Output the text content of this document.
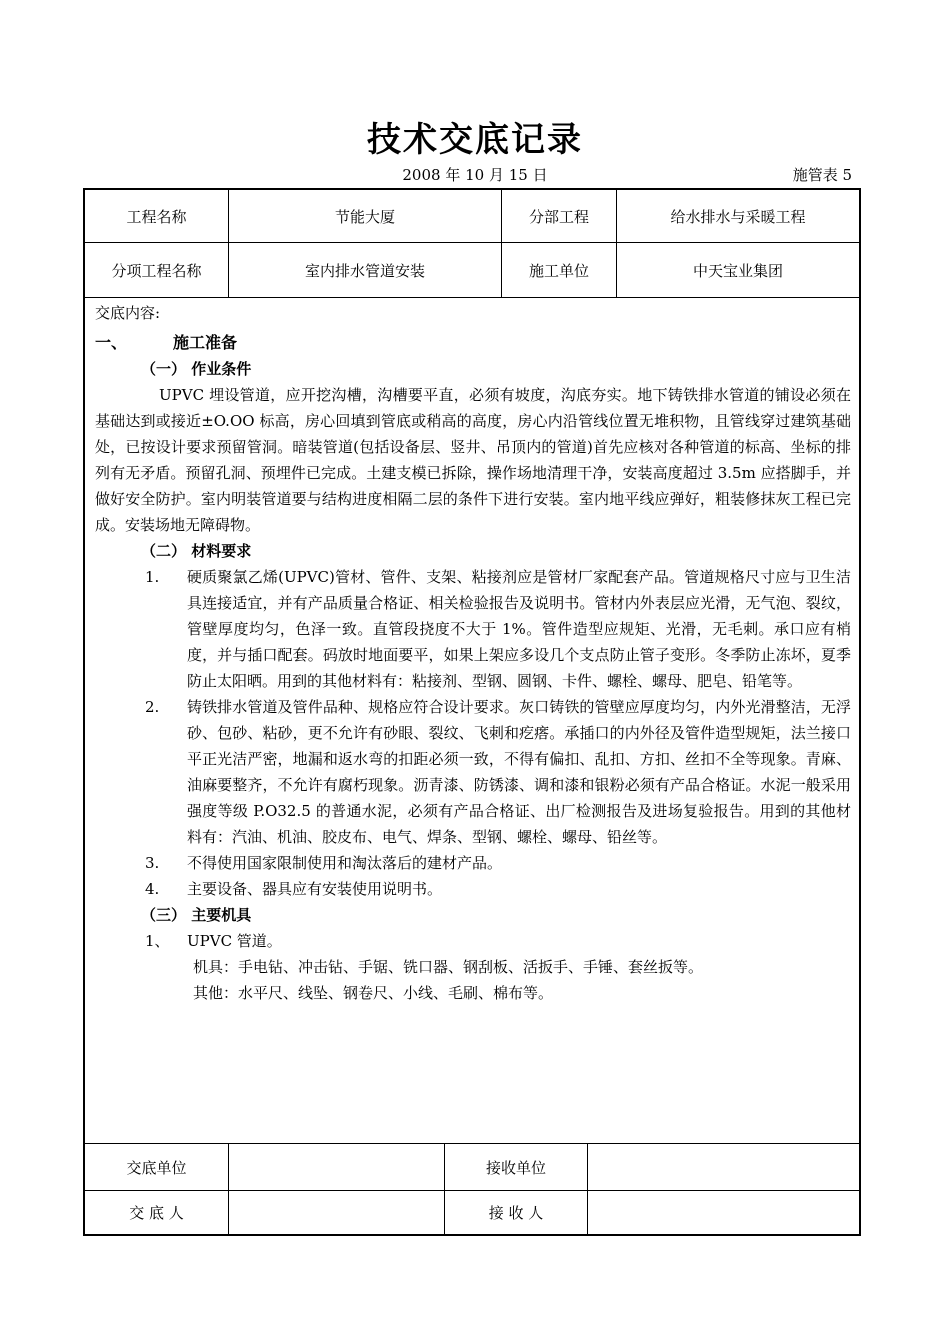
技术交底记录
2008 年 10 月 15 日	施管表 5
工程名称	节能大厦	分部工程	给水排水与采暖工程
分项工程名称	室内排水管道安装	施工单位	中天宝业集团

交底内容:

一、	施工准备

（一） 作业条件

UPVC 埋设管道，应开挖沟槽，沟槽要平直，必须有坡度，沟底夯实。地下铸铁排水管道的铺设必须在基础达到或接近±O.OO 标高，房心回填到管底或稍高的高度，房心内沿管线位置无堆积物，且管线穿过建筑基础处，已按设计要求预留管洞。暗装管道(包括设备层、竖井、吊顶内的管道)首先应核对各种管道的标高、坐标的排列有无矛盾。预留孔洞、预埋件已完成。土建支模已拆除，操作场地清理干净，安装高度超过 3.5m 应搭脚手，并做好安全防护。室内明装管道要与结构进度相隔二层的条件下进行安装。室内地平线应弹好，粗装修抹灰工程已完成。安装场地无障碍物。

（二） 材料要求

1.	硬质聚氯乙烯(UPVC)管材、管件、支架、粘接剂应是管材厂家配套产品。管道规格尺寸应与卫生洁具连接适宜，并有产品质量合格证、相关检验报告及说明书。管材内外表层应光滑，无气泡、裂纹，管壁厚度均匀，色泽一致。直管段挠度不大于 1%。管件造型应规矩、光滑，无毛刺。承口应有梢度，并与插口配套。码放时地面要平，如果上架应多设几个支点防止管子变形。冬季防止冻坏，夏季防止太阳晒。用到的其他材料有：粘接剂、型钢、圆钢、卡件、螺栓、螺母、肥皂、铅笔等。
2.	铸铁排水管道及管件品种、规格应符合设计要求。灰口铸铁的管壁应厚度均匀，内外光滑整洁，无浮砂、包砂、粘砂，更不允许有砂眼、裂纹、飞刺和疙瘩。承插口的内外径及管件造型规矩，法兰接口平正光洁严密，地漏和返水弯的扣距必须一致，不得有偏扣、乱扣、方扣、丝扣不全等现象。青麻、油麻要整齐，不允许有腐朽现象。沥青漆、防锈漆、调和漆和银粉必须有产品合格证。水泥一般采用强度等级 P.O32.5 的普通水泥，必须有产品合格证、出厂检测报告及进场复验报告。用到的其他材料有：汽油、机油、胶皮布、电气、焊条、型钢、螺栓、螺母、铅丝等。
3.	不得使用国家限制使用和淘汰落后的建材产品。
4.	主要设备、器具应有安装使用说明书。

（三） 主要机具

1、	UPVC 管道。

机具：手电钻、冲击钻、手锯、铣口器、钢刮板、活扳手、手锤、套丝扳等。

其他：水平尺、线坠、钢卷尺、小线、毛刷、棉布等。

交底单位	接收单位
交 底 人	接 收 人
